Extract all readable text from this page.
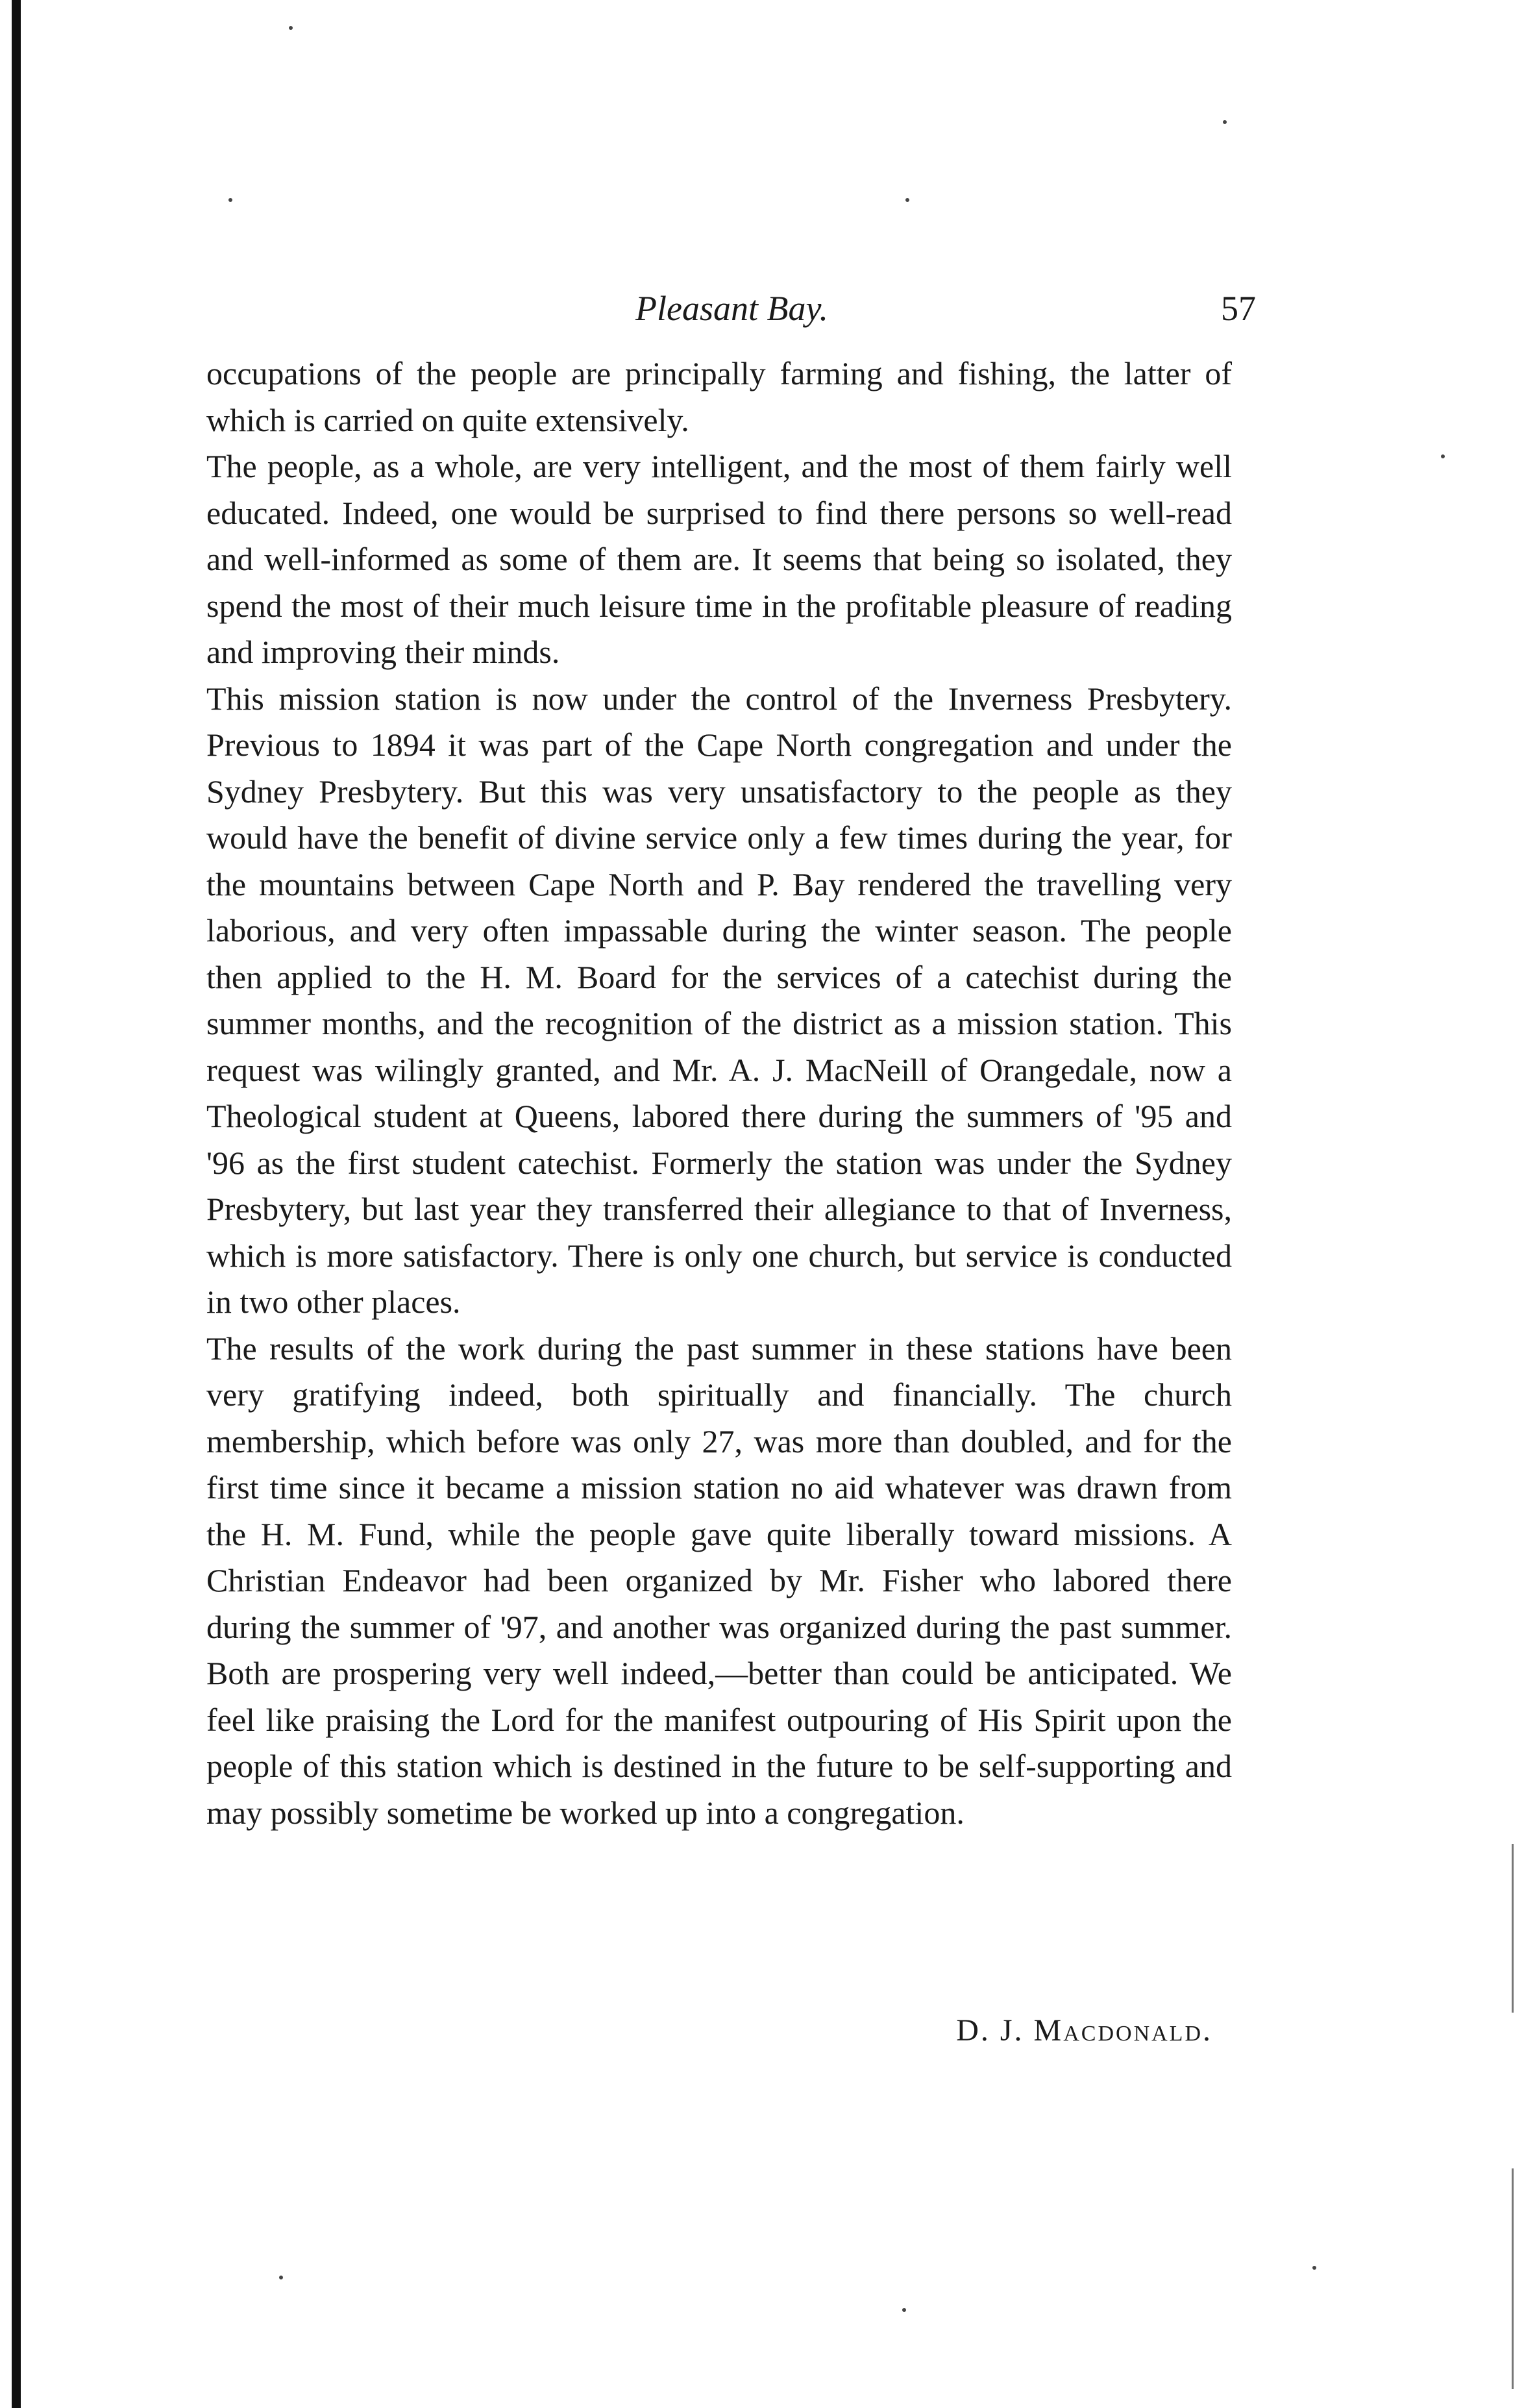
Pleasant Bay.	57

occupations of the people are principally farming and fishing, the latter of which is carried on quite extensively.

The people, as a whole, are very intelligent, and the most of them fairly well educated. Indeed, one would be surprised to find there persons so well-read and well-informed as some of them are. It seems that being so isolated, they spend the most of their much leisure time in the profitable pleasure of reading and improving their minds.

This mission station is now under the control of the Inverness Presbytery. Previous to 1894 it was part of the Cape North congregation and under the Sydney Presbytery. But this was very unsatisfactory to the people as they would have the benefit of divine service only a few times during the year, for the mountains between Cape North and P. Bay rendered the travelling very laborious, and very often impassable during the winter season. The people then applied to the H. M. Board for the services of a catechist during the summer months, and the recognition of the district as a mission station. This request was wilingly granted, and Mr. A. J. MacNeill of Orangedale, now a Theological student at Queens, labored there during the summers of '95 and '96 as the first student catechist. Formerly the station was under the Sydney Presbytery, but last year they transferred their allegiance to that of Inverness, which is more satisfactory. There is only one church, but service is conducted in two other places.

The results of the work during the past summer in these stations have been very gratifying indeed, both spiritually and financially. The church membership, which before was only 27, was more than doubled, and for the first time since it became a mission station no aid whatever was drawn from the H. M. Fund, while the people gave quite liberally toward missions. A Christian Endeavor had been organized by Mr. Fisher who labored there during the summer of '97, and another was organized during the past summer. Both are prospering very well indeed,—better than could be anticipated. We feel like praising the Lord for the manifest outpouring of His Spirit upon the people of this station which is destined in the future to be self-supporting and may possibly sometime be worked up into a congregation.

D. J. Macdonald.
